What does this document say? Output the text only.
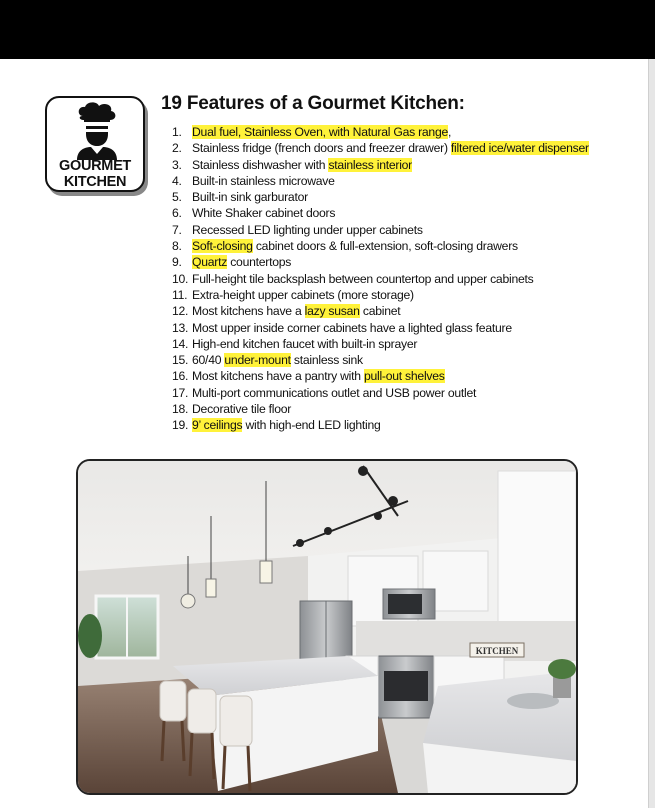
GOURMET
KITCHEN
19 Features of a Gourmet Kitchen:
1. Dual fuel, Stainless Oven, with Natural Gas range,
2. Stainless fridge (french doors and freezer drawer) filtered ice/water dispenser
3. Stainless dishwasher with stainless interior
4. Built-in stainless microwave
5. Built-in sink garburator
6. White Shaker cabinet doors
7. Recessed LED lighting under upper cabinets
8. Soft-closing cabinet doors & full-extension, soft-closing drawers
9. Quartz countertops
10. Full-height tile backsplash between countertop and upper cabinets
11. Extra-height upper cabinets (more storage)
12. Most kitchens have a lazy susan cabinet
13. Most upper inside corner cabinets have a lighted glass feature
14. High-end kitchen faucet with built-in sprayer
15. 60/40 under-mount stainless sink
16. Most kitchens have a pantry with pull-out shelves
17. Multi-port communications outlet and USB power outlet
18. Decorative tile floor
19. 9’ ceilings with high-end LED lighting
KITCHEN
